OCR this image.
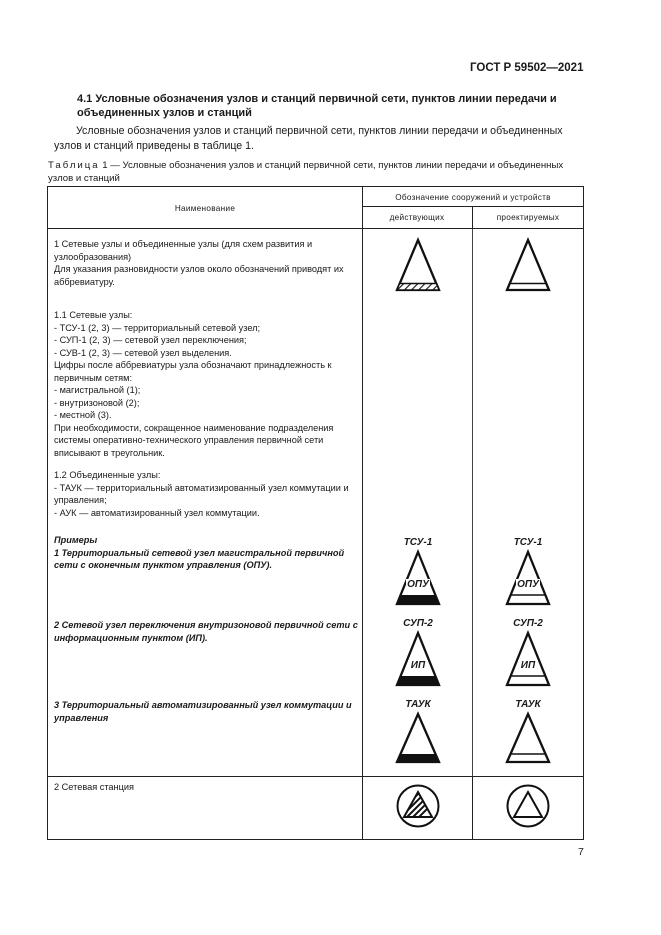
ГОСТ Р 59502—2021
4.1 Условные обозначения узлов и станций первичной сети, пунктов линии передачи и объединенных узлов и станций
Условные обозначения узлов и станций первичной сети, пунктов линии передачи и объединенных узлов и станций приведены в таблице 1.
Таблица 1 — Условные обозначения узлов и станций первичной сети, пунктов линии передачи и объединенных узлов и станций
Наименование
Обозначение сооружений и устройств
действующих	проектируемых
1 Сетевые узлы и объединенные узлы (для схем развития и узлообразования)
Для указания разновидности узлов около обозначений приводят их аббревиатуру.
1.1 Сетевые узлы:
- ТСУ-1 (2, 3) — территориальный сетевой узел;
- СУП-1 (2, 3) — сетевой узел переключения;
- СУВ-1 (2, 3) — сетевой узел выделения.
Цифры после аббревиатуры узла обозначают принадлежность к первичным сетям:
- магистральной (1);
- внутризоновой (2);
- местной (3).
При необходимости, сокращенное наименование подразделения системы оперативно-технического управления первичной сети вписывают в треугольник.
1.2 Объединенные узлы:
- ТАУК — территориальный автоматизированный узел коммутации и управления;
- АУК — автоматизированный узел коммутации.
Примеры
1 Территориальный сетевой узел магистральной первичной сети с оконечным пунктом управления (ОПУ).
2 Сетевой узел переключения внутризоновой первичной сети с информационным пунктом (ИП).
3 Территориальный автоматизированный узел коммутации и управления
2 Сетевая станция
ТСУ-1
ОПУ
ТСУ-1
ОПУ
СУП-2
ИП
СУП-2
ИП
ТАУК	ТАУК
7
